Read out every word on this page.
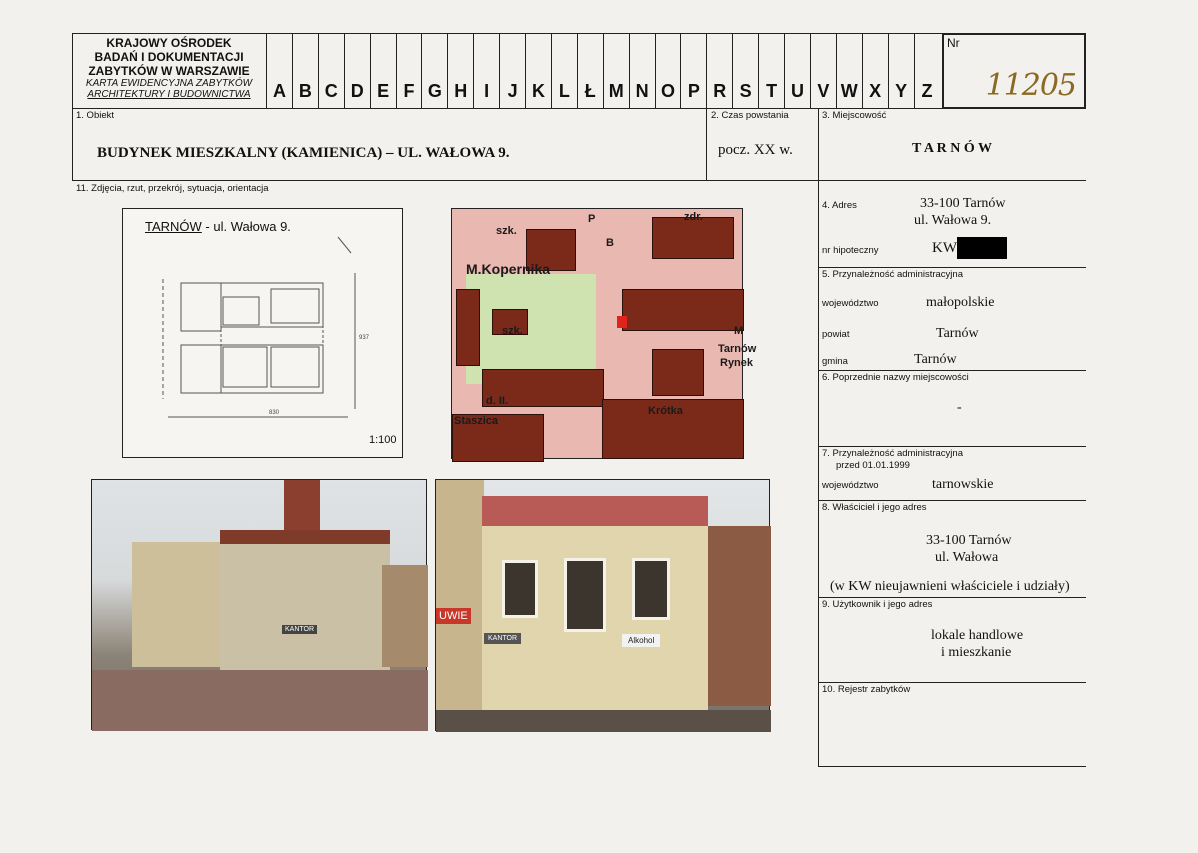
KRAJOWY OŚRODEK
BADAŃ I DOKUMENTACJI
ZABYTKÓW W WARSZAWIE
KARTA EWIDENCYJNA ZABYTKÓW
ARCHITEKTURY I BUDOWNICTWA	A B C D E F G H I	J K L Ł M N O P R S T U V W X Y Z
Nr
11205
1. Obiekt
BUDYNEK MIESZKALNY (KAMIENICA) – UL. WAŁOWA 9.
2. Czas powstania
pocz. XX w.
3. Miejscowość
T A R N Ó W
11. Zdjęcia, rzut, przekrój, sytuacja, orientacja
4. Adres	33-100 Tarnów
ul. Wałowa 9.
nr hipoteczny	KW
5. Przynależność administracyjna
województwo	małopolskie
powiat	Tarnów
gmina	Tarnów
6. Poprzednie nazwy miejscowości
-
7. Przynależność administracyjna
przed 01.01.1999
województwo	tarnowskie
8. Właściciel i jego adres
33-100 Tarnów
ul. Wałowa
(w KW nieujawnieni właściciele i udziały)
9. Użytkownik i jego adres
lokale handlowe
i mieszkanie
10. Rejestr zabytków
TARNÓW - ul. Wałowa 9.
830
937
1:100
zdr.
szk.
P
B
M.Kopernika
szk.
Tarnów
Rynek
M
Krótka
d. II.
Staszica
KANTOR
UWIE
KANTOR	Alkohol
